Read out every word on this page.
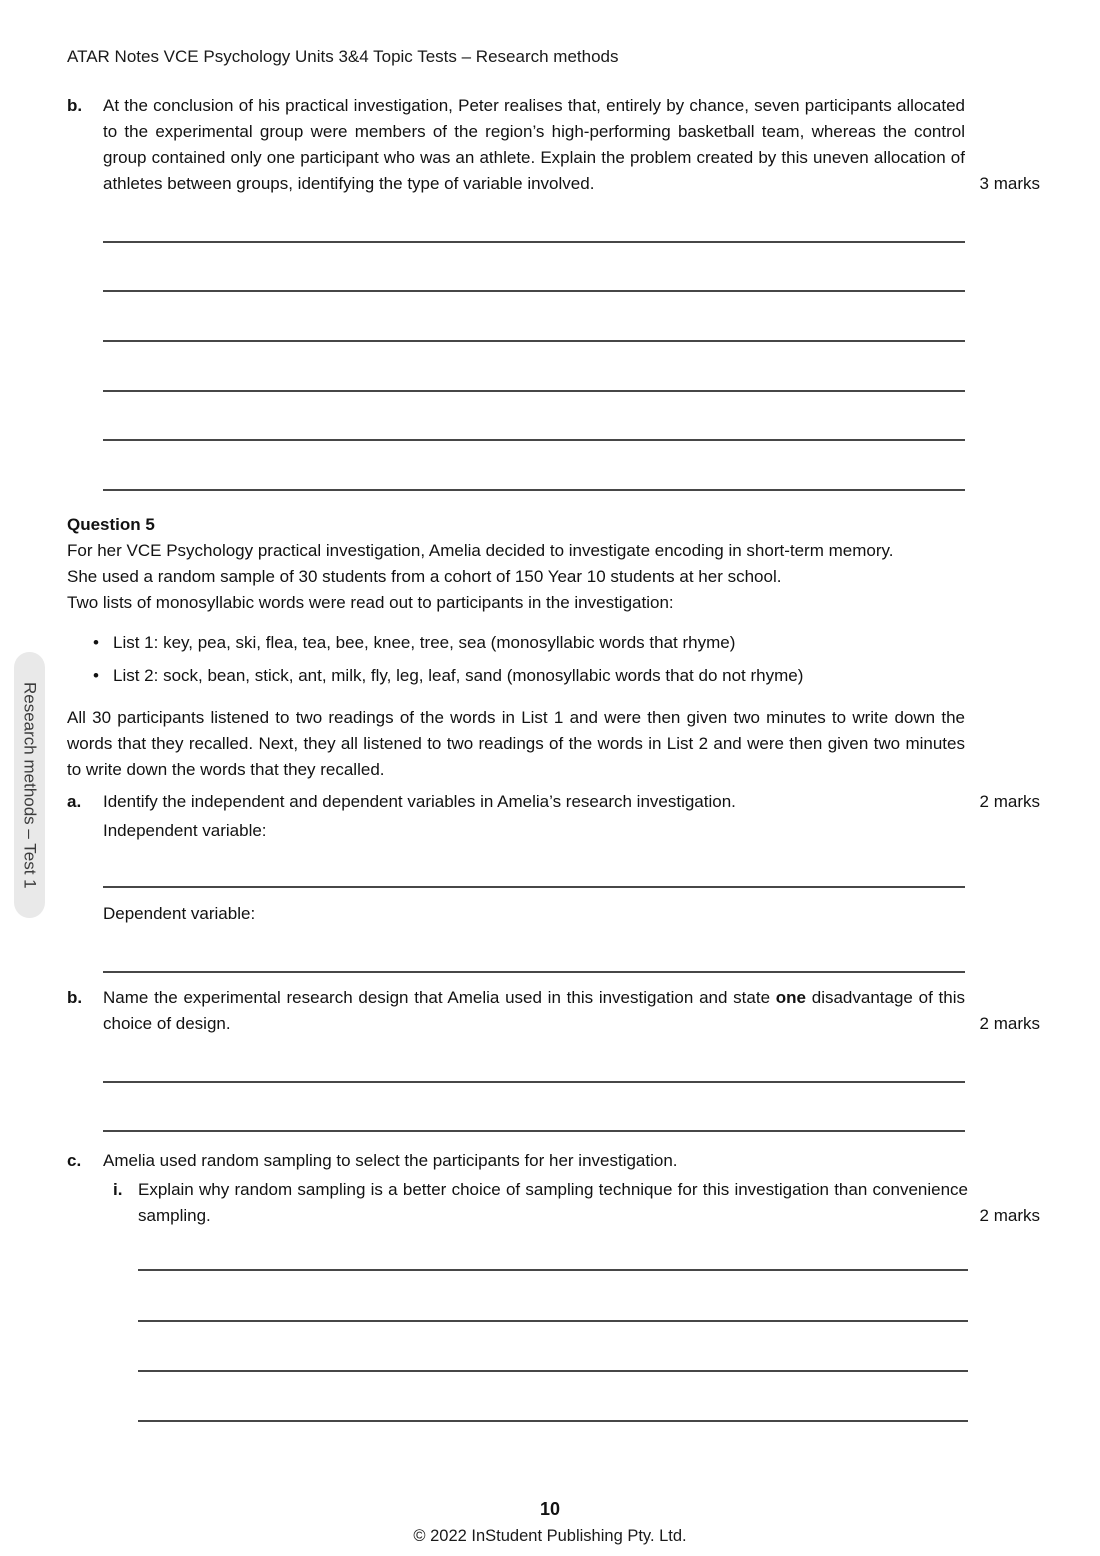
ATAR Notes VCE Psychology Units 3&4 Topic Tests – Research methods
Research methods – Test 1
b.	At the conclusion of his practical investigation, Peter realises that, entirely by chance, seven participants allocated to the experimental group were members of the region’s high-performing basketball team, whereas the control group contained only one participant who was an athlete. Explain the problem created by this uneven allocation of athletes between groups, identifying the type of variable involved.	3 marks
Question 5

For her VCE Psychology practical investigation, Amelia decided to investigate encoding in short-term memory.

She used a random sample of 30 students from a cohort of 150 Year 10 students at her school.

Two lists of monosyllabic words were read out to participants in the investigation:

• List 1: key, pea, ski, flea, tea, bee, knee, tree, sea (monosyllabic words that rhyme)
• List 2: sock, bean, stick, ant, milk, fly, leg, leaf, sand (monosyllabic words that do not rhyme)
All 30 participants listened to two readings of the words in List 1 and were then given two minutes to write down the words that they recalled. Next, they all listened to two readings of the words in List 2 and were then given two minutes to write down the words that they recalled.
a.	Identify the independent and dependent variables in Amelia’s research investigation.
Independent variable:
2 marks
Dependent variable:
b.	Name the experimental research design that Amelia used in this investigation and state one disadvantage of this choice of design.	2 marks
c.	Amelia used random sampling to select the participants for her investigation.
i. Explain why random sampling is a better choice of sampling technique for this investigation than convenience sampling.	2 marks
10
© 2022 InStudent Publishing Pty. Ltd.
